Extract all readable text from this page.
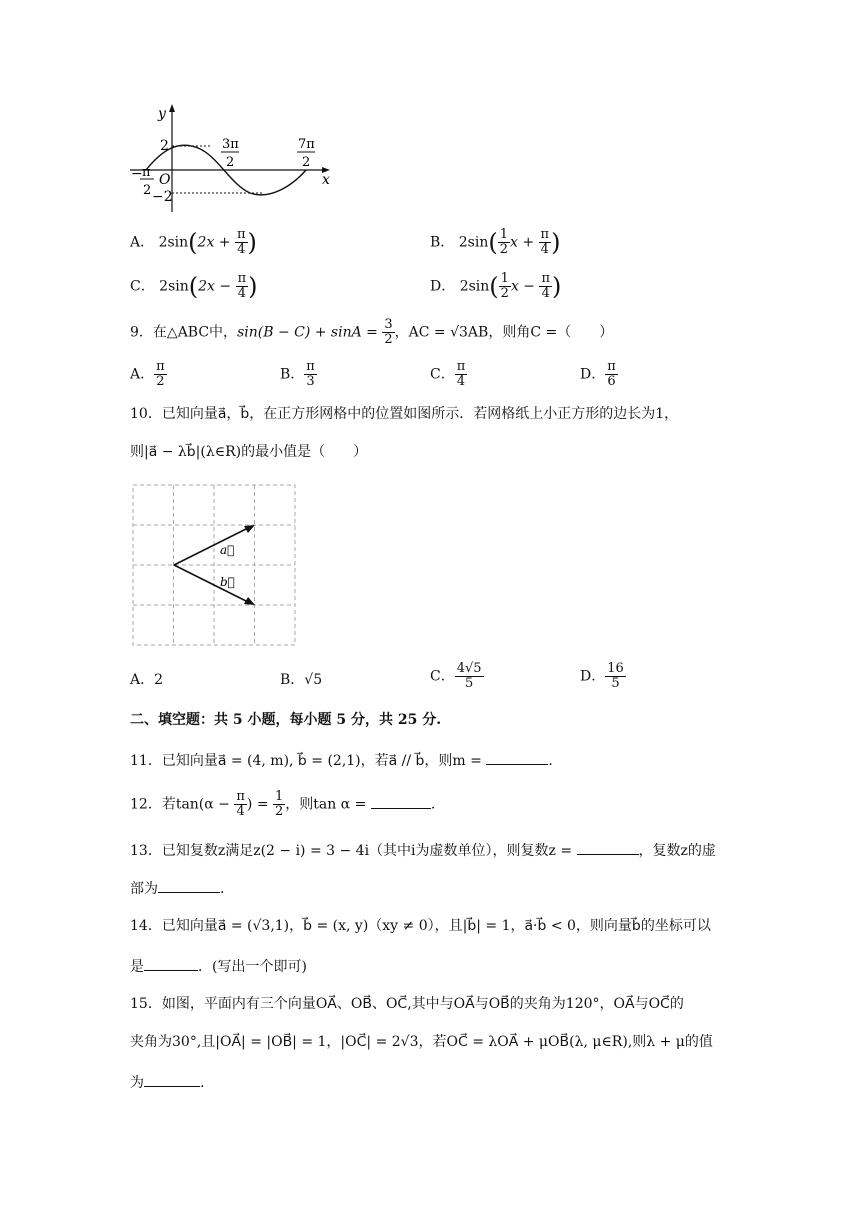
y
x
O
2
−2
− π
2
3π
2
7π
2
A． $2\sin(2x + \frac{\pi}{4}$ )	B． $2\sin( \frac{1}{2}$ $x + \frac{\pi}{4}$ )
C． $2\sin(2x - \frac{\pi}{4}$ )	D． $2\sin( \frac{1}{2}$ $x - \frac{\pi}{4}$ )
9．在△ABC中，$\sin(B - C) + \sin A = \frac{3}{2}$ ，AC = √3AB，则角C =（　　）
A． $\frac{\pi}{2}$	B． $\frac{\pi}{3}$	C． $\frac{\pi}{4}$	D． $\frac{\pi}{6}$
10．已知向量a⃗，b⃗，在正方形网格中的位置如图所示．若网格纸上小正方形的边长为1，
则|a⃗ − λb⃗|(λ∈R)的最小值是（　　）
a⃗
b⃗
A．2	B．√5	C． $\frac{4√5}{5}$	D． $\frac{16}{5}$
二、填空题：共 5 小题，每小题 5 分，共 25 分.
11．已知向量a⃗ = (4, m), b⃗ = (2,1)，若a⃗ // b⃗，则m =	.
12．若$\tan(\alpha - \frac{\pi}{4}$ ) = $\frac{1}{2}$ ，则tan α =	.
13．已知复数z满足z(2 − i) = 3 − 4i（其中i为虚数单位），则复数z =	，复数z的虚
部为	.
14．已知向量a⃗ = (√3,1)，b⃗ = (x, y)（xy ≠ 0），且|b⃗| = 1，a⃗·b⃗ < 0，则向量b⃗的坐标可以
是	．(写出一个即可)
15．如图，平面内有三个向量OA⃗、OB⃗、OC⃗,其中与OA⃗与OB⃗的夹角为120°，OA⃗与OC⃗的
夹角为30°,且|OA⃗| = |OB⃗| = 1，|OC⃗| = 2√3，若OC⃗ = λOA⃗ + μOB⃗(λ, μ∈R),则λ + μ的值
为	.
